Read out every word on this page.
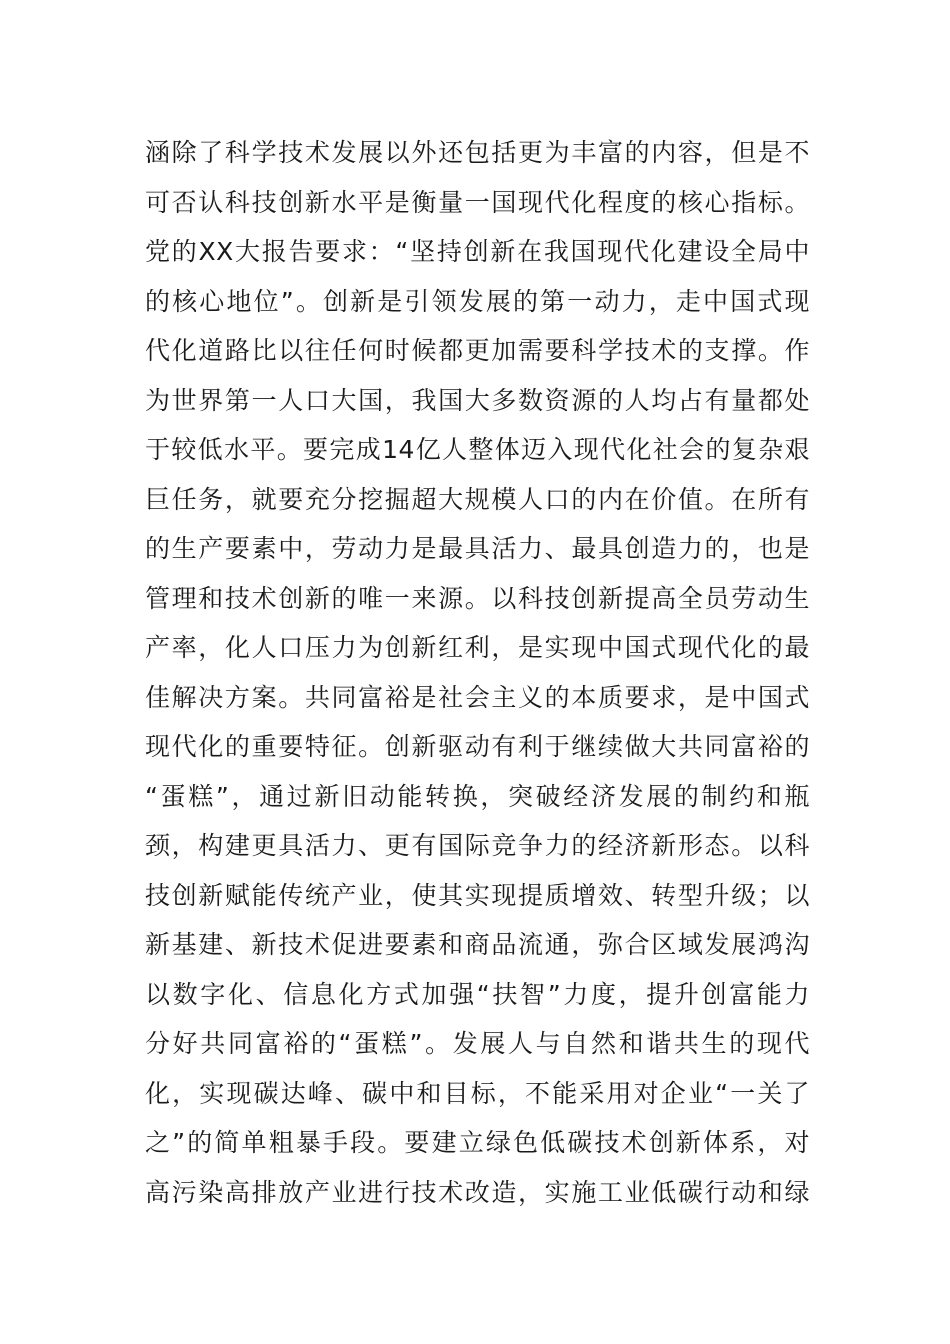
涵除了科学技术发展以外还包括更为丰富的内容，但是不
可否认科技创新水平是衡量一国现代化程度的核心指标。
党的XX大报告要求：“坚持创新在我国现代化建设全局中
的核心地位”。创新是引领发展的第一动力，走中国式现
代化道路比以往任何时候都更加需要科学技术的支撑。作
为世界第一人口大国，我国大多数资源的人均占有量都处
于较低水平。要完成14亿人整体迈入现代化社会的复杂艰
巨任务，就要充分挖掘超大规模人口的内在价值。在所有
的生产要素中，劳动力是最具活力、最具创造力的，也是
管理和技术创新的唯一来源。以科技创新提高全员劳动生
产率，化人口压力为创新红利，是实现中国式现代化的最
佳解决方案。共同富裕是社会主义的本质要求，是中国式
现代化的重要特征。创新驱动有利于继续做大共同富裕的
“蛋糕”，通过新旧动能转换，突破经济发展的制约和瓶
颈，构建更具活力、更有国际竞争力的经济新形态。以科
技创新赋能传统产业，使其实现提质增效、转型升级；以
新基建、新技术促进要素和商品流通，弥合区域发展鸿沟
以数字化、信息化方式加强“扶智”力度，提升创富能力
分好共同富裕的“蛋糕”。发展人与自然和谐共生的现代
化，实现碳达峰、碳中和目标，不能采用对企业“一关了
之”的简单粗暴手段。要建立绿色低碳技术创新体系，对
高污染高排放产业进行技术改造，实施工业低碳行动和绿
